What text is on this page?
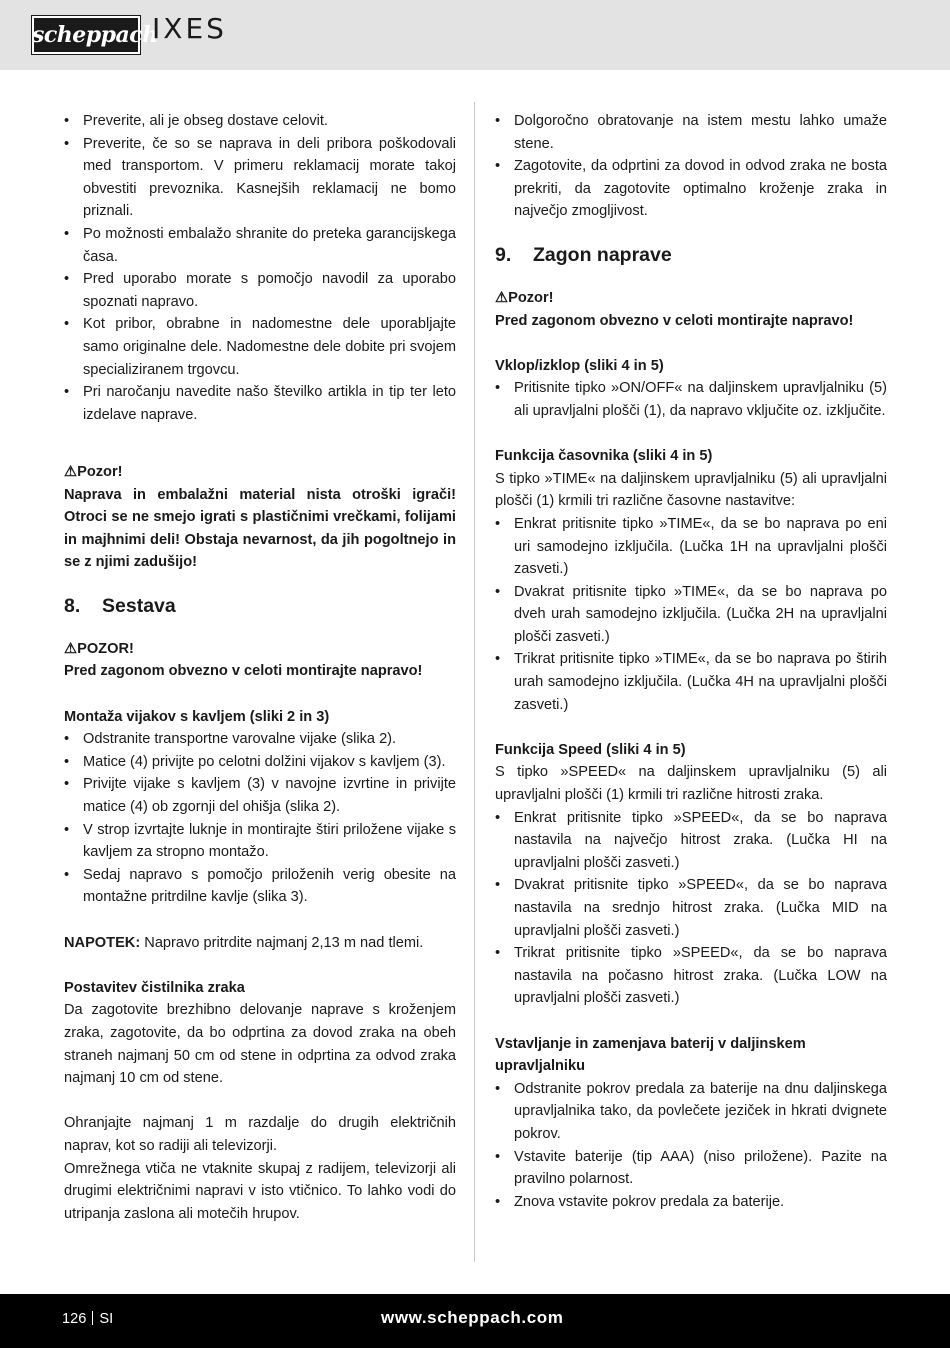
scheppach
IXES
• Preverite, ali je obseg dostave celovit.
• Preverite, če so se naprava in deli pribora poškodovali med transportom. V primeru reklamacij morate takoj obvestiti prevoznika. Kasnejših reklamacij ne bomo priznali.
• Po možnosti embalažo shranite do preteka garancijskega časa.
• Pred uporabo morate s pomočjo navodil za uporabo spoznati napravo.
• Kot pribor, obrabne in nadomestne dele uporabljajte samo originalne dele. Nadomestne dele dobite pri svojem specializiranem trgovcu.
• Pri naročanju navedite našo številko artikla in tip ter leto izdelave naprave.

⚠Pozor!

Naprava in embalažni material nista otroški igrači! Otroci se ne smejo igrati s plastičnimi vrečkami, folijami in majhnimi deli! Obstaja nevarnost, da jih pogoltnejo in se z njimi zadušijo!

8. Sestava

⚠POZOR!

Pred zagonom obvezno v celoti montirajte napravo!

Montaža vijakov s kavljem (sliki 2 in 3)

• Odstranite transportne varovalne vijake (slika 2).
• Matice (4) privijte po celotni dolžini vijakov s kavljem (3).
• Privijte vijake s kavljem (3) v navojne izvrtine in privijte matice (4) ob zgornji del ohišja (slika 2).
• V strop izvrtajte luknje in montirajte štiri priložene vijake s kavljem za stropno montažo.
• Sedaj napravo s pomočjo priloženih verig obesite na montažne pritrdilne kavlje (slika 3).

NAPOTEK: Napravo pritrdite najmanj 2,13 m nad tlemi.

Postavitev čistilnika zraka

Da zagotovite brezhibno delovanje naprave s kroženjem zraka, zagotovite, da bo odprtina za dovod zraka na obeh straneh najmanj 50 cm od stene in odprtina za odvod zraka najmanj 10 cm od stene.

Ohranjajte najmanj 1 m razdalje do drugih električnih naprav, kot so radiji ali televizorji.

Omrežnega vtiča ne vtaknite skupaj z radijem, televizorji ali drugimi električnimi napravi v isto vtičnico. To lahko vodi do utripanja zaslona ali motečih hrupov.

• Dolgoročno obratovanje na istem mestu lahko umaže stene.
• Zagotovite, da odprtini za dovod in odvod zraka ne bosta prekriti, da zagotovite optimalno kroženje zraka in največjo zmogljivost.
9. Zagon naprave

⚠Pozor!

Pred zagonom obvezno v celoti montirajte napravo!

Vklop/izklop (sliki 4 in 5)

• Pritisnite tipko »ON/OFF« na daljinskem upravljalniku (5) ali upravljalni plošči (1), da napravo vključite oz. izključite.

Funkcija časovnika (sliki 4 in 5)

S tipko »TIME« na daljinskem upravljalniku (5) ali upravljalni plošči (1) krmili tri različne časovne nastavitve:

• Enkrat pritisnite tipko »TIME«, da se bo naprava po eni uri samodejno izključila. (Lučka 1H na upravljalni plošči zasveti.)
• Dvakrat pritisnite tipko »TIME«, da se bo naprava po dveh urah samodejno izključila. (Lučka 2H na upravljalni plošči zasveti.)
• Trikrat pritisnite tipko »TIME«, da se bo naprava po štirih urah samodejno izključila. (Lučka 4H na upravljalni plošči zasveti.)

Funkcija Speed (sliki 4 in 5)

S tipko »SPEED« na daljinskem upravljalniku (5) ali upravljalni plošči (1) krmili tri različne hitrosti zraka.

• Enkrat pritisnite tipko »SPEED«, da se bo naprava nastavila na največjo hitrost zraka. (Lučka HI na upravljalni plošči zasveti.)
• Dvakrat pritisnite tipko »SPEED«, da se bo naprava nastavila na srednjo hitrost zraka. (Lučka MID na upravljalni plošči zasveti.)
• Trikrat pritisnite tipko »SPEED«, da se bo naprava nastavila na počasno hitrost zraka. (Lučka LOW na upravljalni plošči zasveti.)

Vstavljanje in zamenjava baterij v daljinskem upravljalniku

• Odstranite pokrov predala za baterije na dnu daljinskega upravljalnika tako, da povlečete jeziček in hkrati dvignete pokrov.
• Vstavite baterije (tip AAA) (niso priložene). Pazite na pravilno polarnost.
• Znova vstavite pokrov predala za baterije.
126 SI	www.scheppach.com
